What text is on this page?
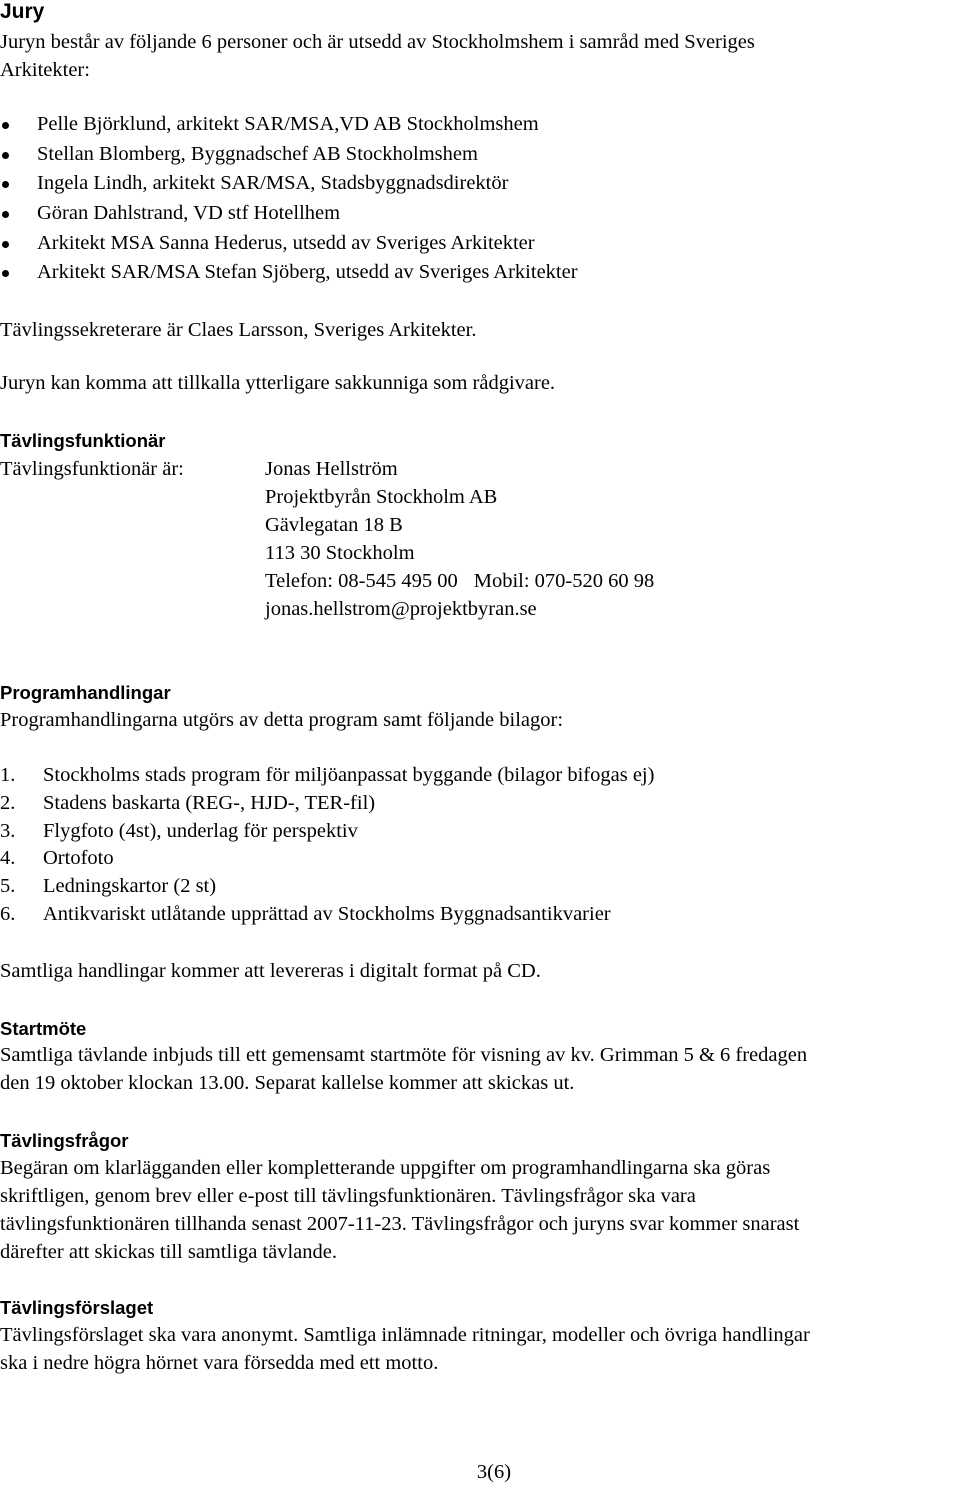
Jury
Juryn består av följande 6 personer och är utsedd av Stockholmshem i samråd med Sveriges
Arkitekter:
Pelle Björklund, arkitekt SAR/MSA,VD AB Stockholmshem
Stellan Blomberg, Byggnadschef AB Stockholmshem
Ingela Lindh, arkitekt SAR/MSA, Stadsbyggnadsdirektör
Göran Dahlstrand, VD stf Hotellhem
Arkitekt MSA Sanna Hederus, utsedd av Sveriges Arkitekter
Arkitekt SAR/MSA Stefan Sjöberg, utsedd av Sveriges Arkitekter
Tävlingssekreterare är Claes Larsson, Sveriges Arkitekter.
Juryn kan komma att tillkalla ytterligare sakkunniga som rådgivare.
Tävlingsfunktionär
Tävlingsfunktionär är:	Jonas Hellström
Projektbyrån Stockholm AB
Gävlegatan 18 B
113 30 Stockholm
Telefon: 08-545 495 00 Mobil: 070-520 60 98
jonas.hellstrom@projektbyran.se
Programhandlingar
Programhandlingarna utgörs av detta program samt följande bilagor:
1.	Stockholms stads program för miljöanpassat byggande (bilagor bifogas ej)
2.	Stadens baskarta (REG-, HJD-, TER-fil)
3.	Flygfoto (4st), underlag för perspektiv
4.	Ortofoto
5.	Ledningskartor (2 st)
6.	Antikvariskt utlåtande upprättad av Stockholms Byggnadsantikvarier
Samtliga handlingar kommer att levereras i digitalt format på CD.
Startmöte
Samtliga tävlande inbjuds till ett gemensamt startmöte för visning av kv. Grimman 5 & 6 fredagen
den 19 oktober klockan 13.00. Separat kallelse kommer att skickas ut.
Tävlingsfrågor
Begäran om klarlägganden eller kompletterande uppgifter om programhandlingarna ska göras
skriftligen, genom brev eller e-post till tävlingsfunktionären. Tävlingsfrågor ska vara
tävlingsfunktionären tillhanda senast 2007-11-23. Tävlingsfrågor och juryns svar kommer snarast
därefter att skickas till samtliga tävlande.
Tävlingsförslaget
Tävlingsförslaget ska vara anonymt. Samtliga inlämnade ritningar, modeller och övriga handlingar
ska i nedre högra hörnet vara försedda med ett motto.
3(6)
